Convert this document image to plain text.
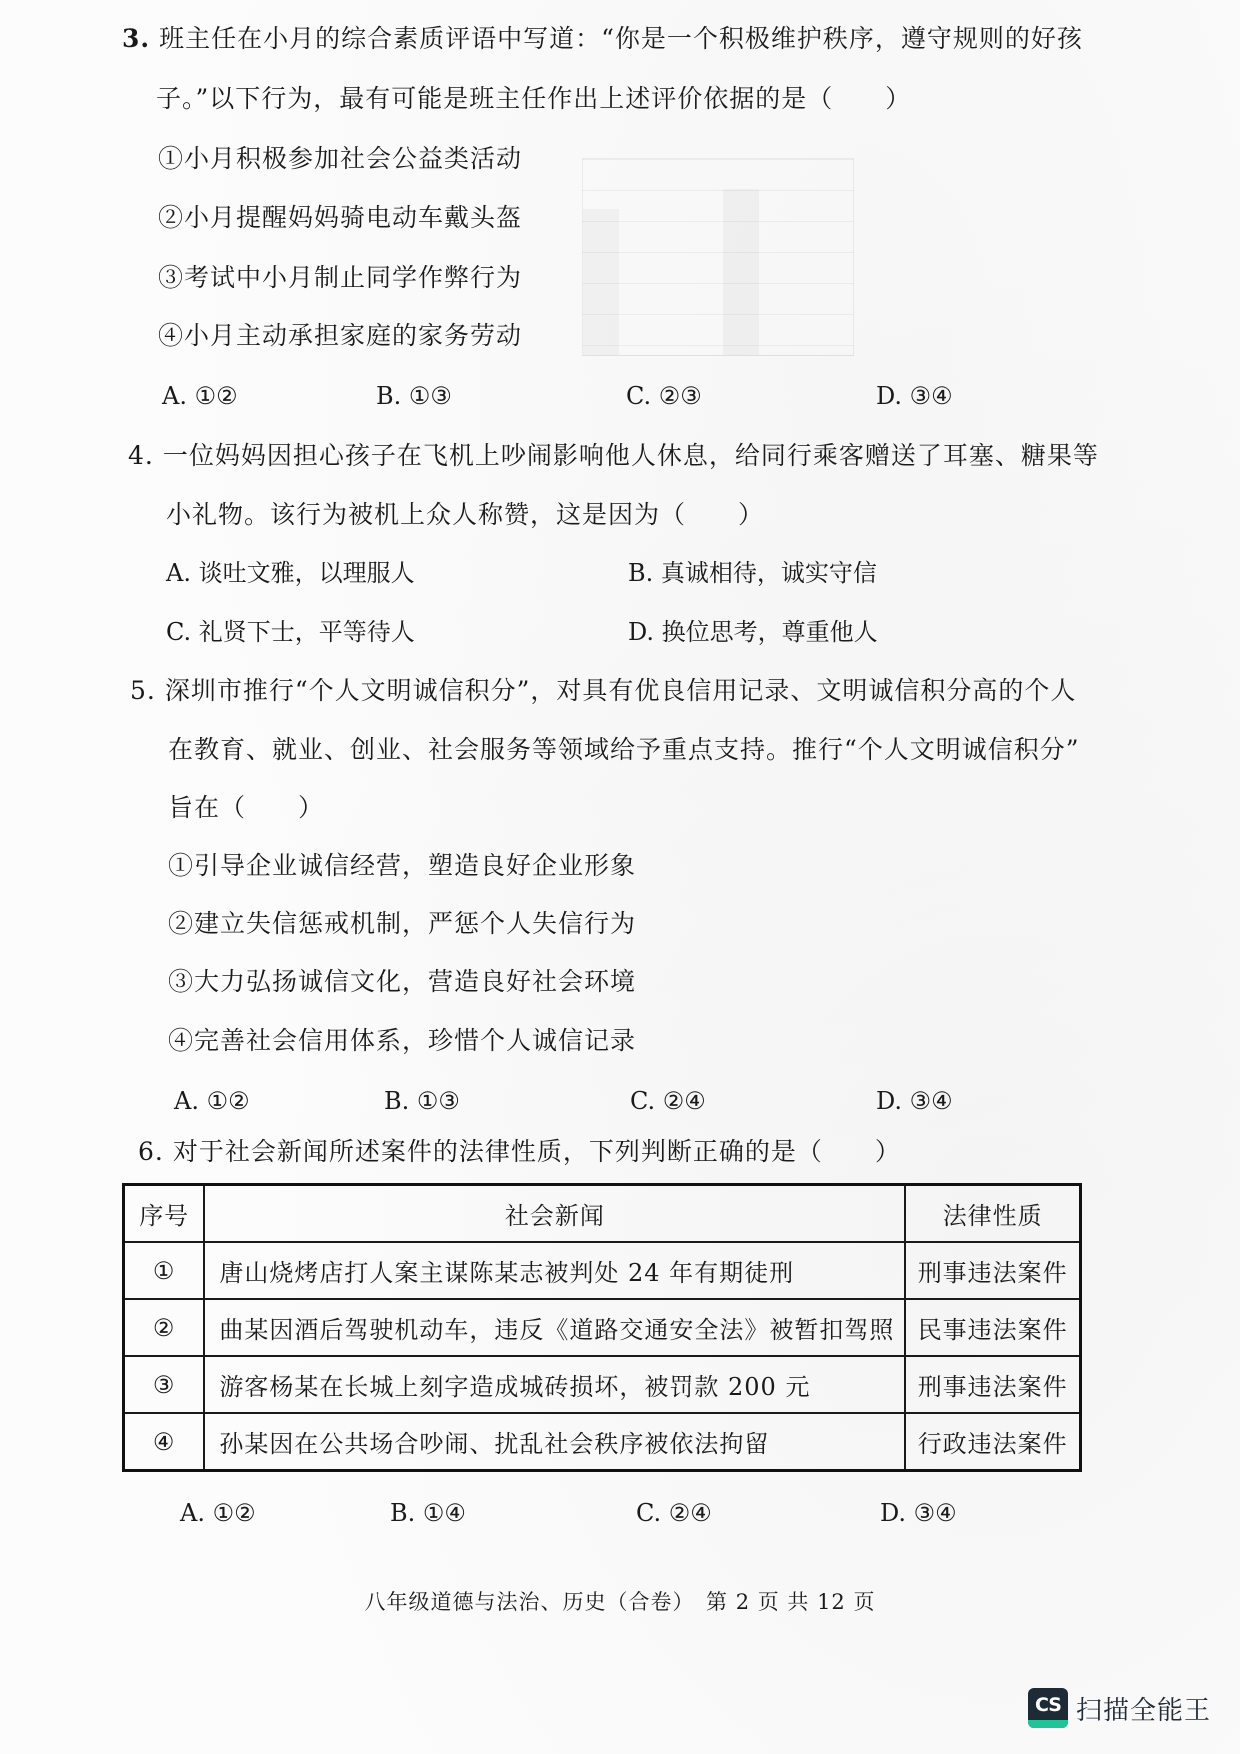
3. 班主任在小月的综合素质评语中写道：“你是一个积极维护秩序，遵守规则的好孩
子。”以下行为，最有可能是班主任作出上述评价依据的是（　　）
①小月积极参加社会公益类活动
②小月提醒妈妈骑电动车戴头盔
③考试中小月制止同学作弊行为
④小月主动承担家庭的家务劳动
A. ①②	B. ①③	C. ②③	D. ③④
4. 一位妈妈因担心孩子在飞机上吵闹影响他人休息，给同行乘客赠送了耳塞、糖果等
小礼物。该行为被机上众人称赞，这是因为（　　）
A. 谈吐文雅，以理服人	B. 真诚相待，诚实守信
C. 礼贤下士，平等待人	D. 换位思考，尊重他人
5. 深圳市推行“个人文明诚信积分”，对具有优良信用记录、文明诚信积分高的个人
在教育、就业、创业、社会服务等领域给予重点支持。推行“个人文明诚信积分”
旨在（　　）
①引导企业诚信经营，塑造良好企业形象
②建立失信惩戒机制，严惩个人失信行为
③大力弘扬诚信文化，营造良好社会环境
④完善社会信用体系，珍惜个人诚信记录
A. ①②	B. ①③	C. ②④	D. ③④
6. 对于社会新闻所述案件的法律性质，下列判断正确的是（　　）
序号	社会新闻	法律性质
①	唐山烧烤店打人案主谋陈某志被判处 24 年有期徒刑	刑事违法案件
②	曲某因酒后驾驶机动车，违反《道路交通安全法》被暂扣驾照	民事违法案件
③	游客杨某在长城上刻字造成城砖损坏，被罚款 200 元	刑事违法案件
④	孙某因在公共场合吵闹、扰乱社会秩序被依法拘留	行政违法案件
A. ①②	B. ①④	C. ②④	D. ③④
八年级道德与法治、历史（合卷）　第 2 页 共 12 页
CS 扫描全能王
